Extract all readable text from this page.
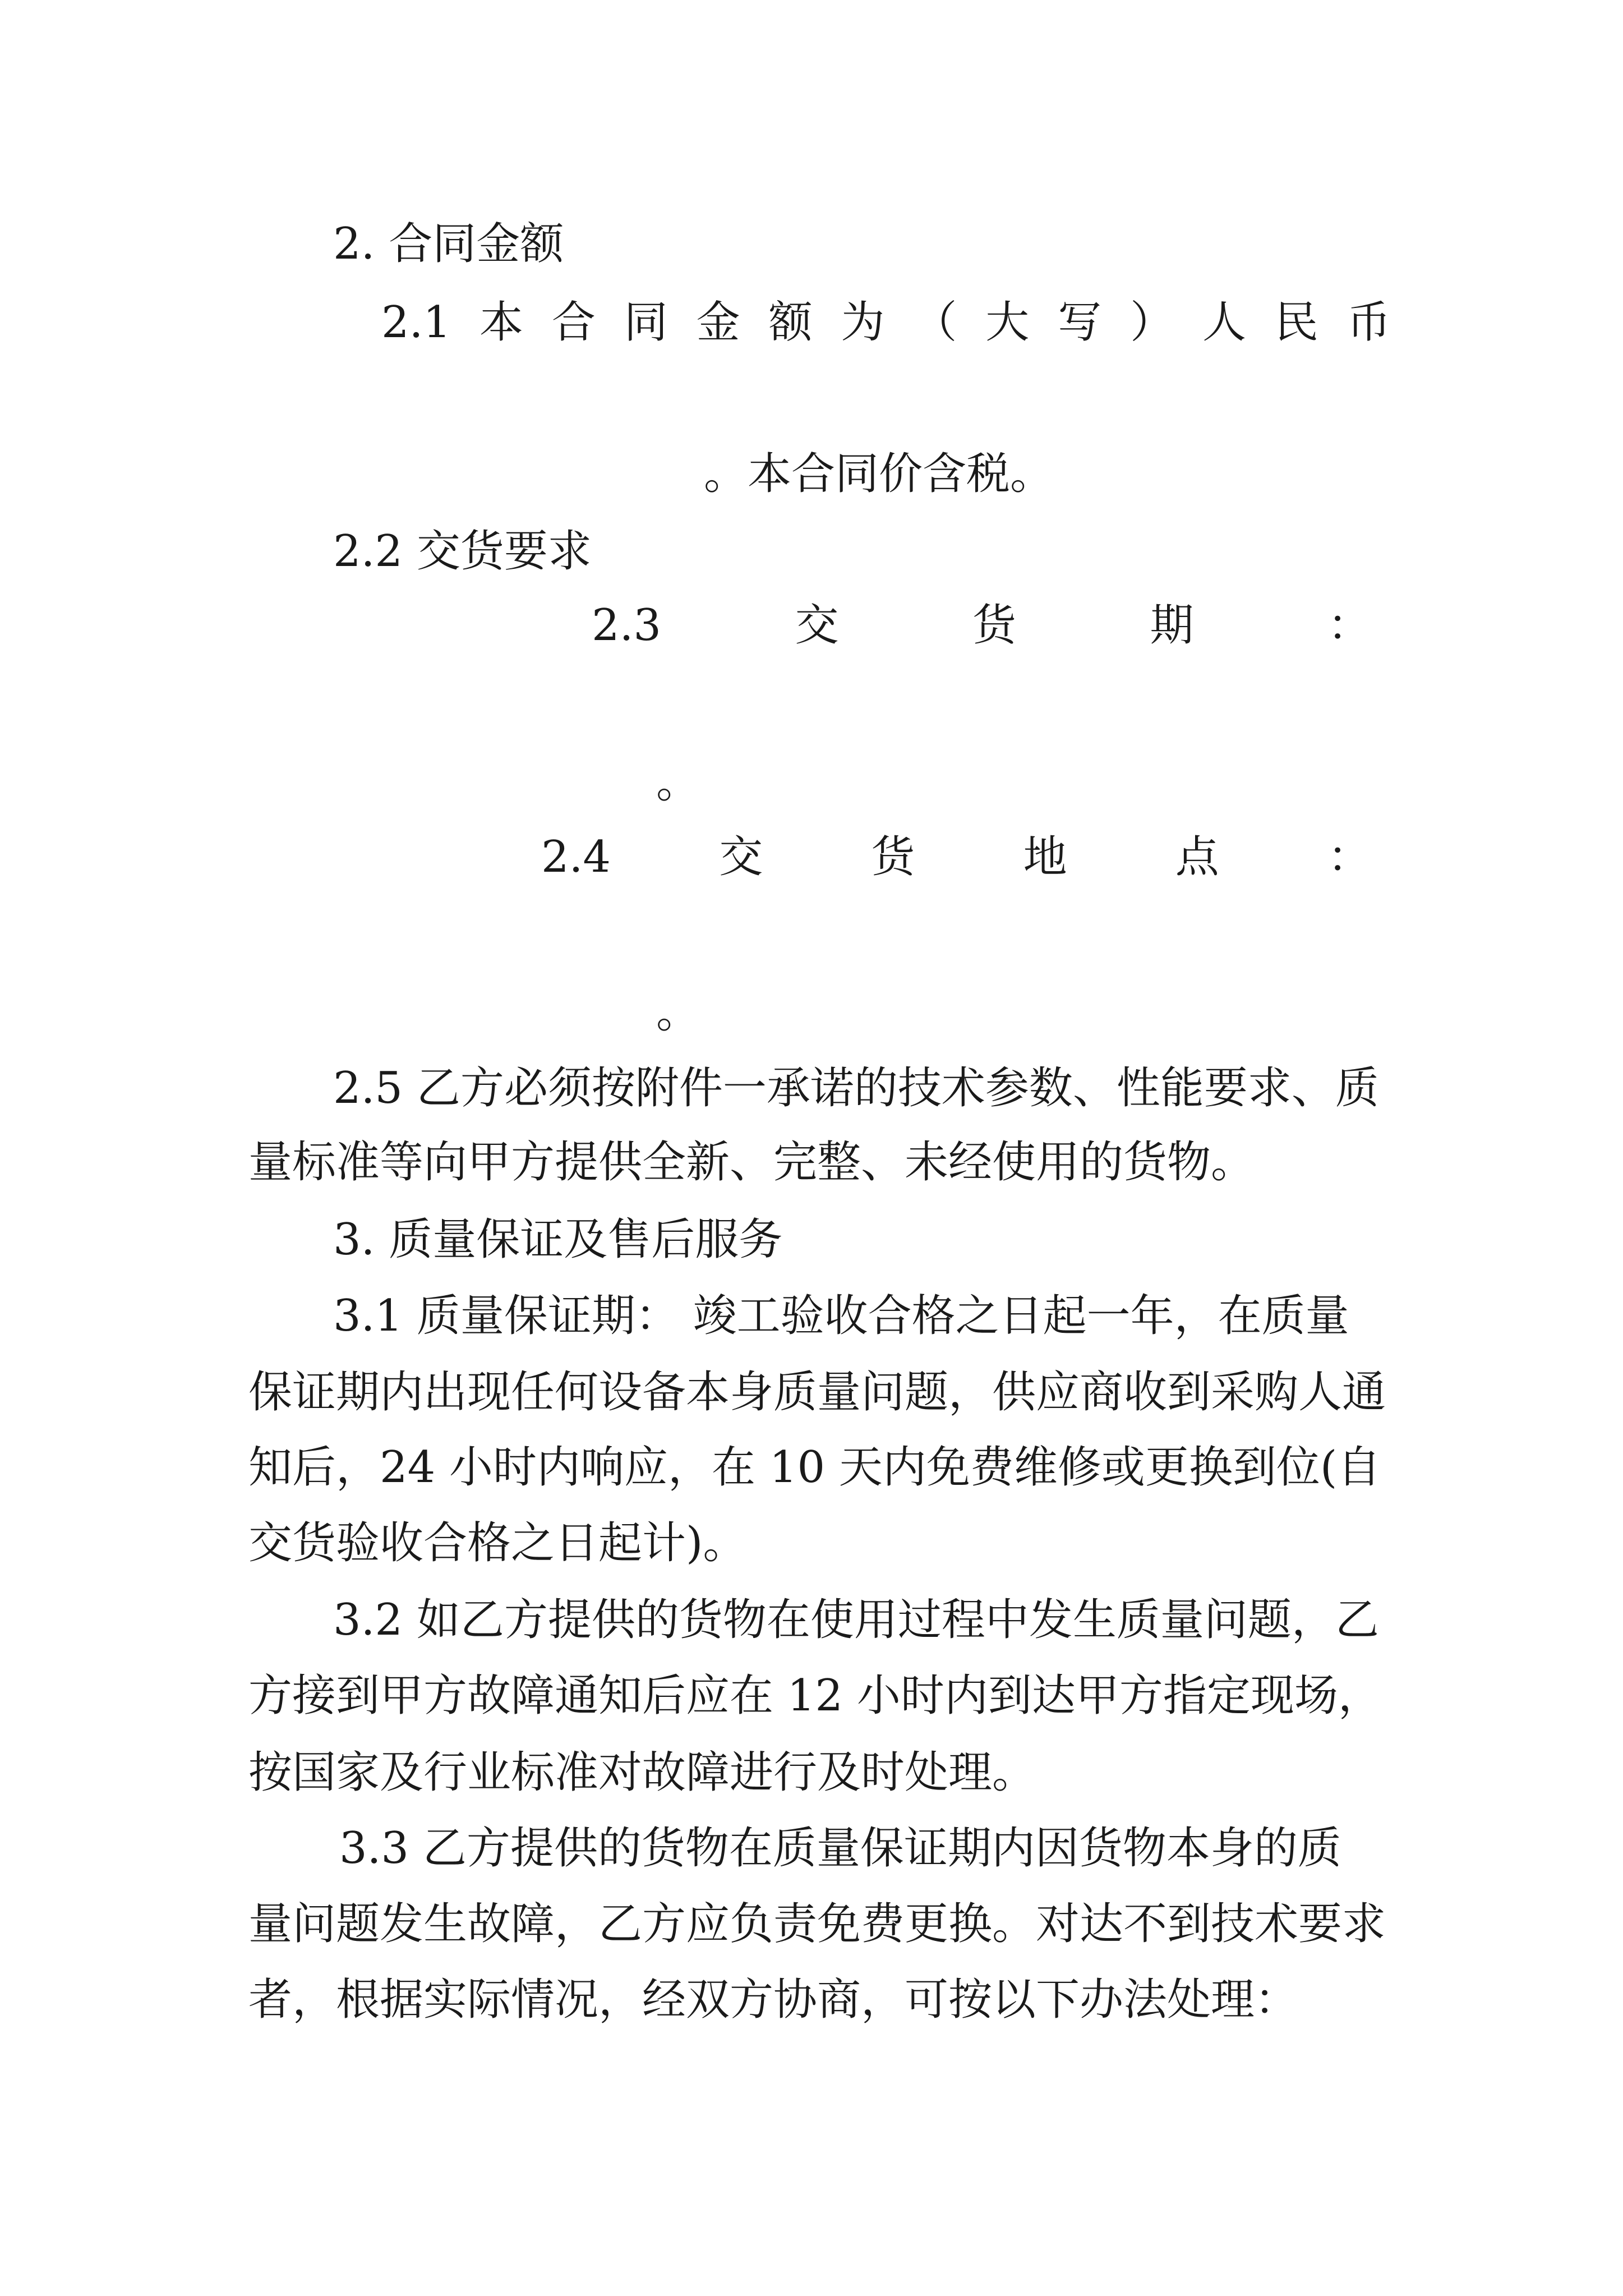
2. 合同金额

2.1 本 合 同 金 额 为 （ 大 写 ） 人 民 币

。本合同价含税。

2.2 交货要求

2.3	交	货	期	：

。

2.4 交 货 地 点 ：

。

2.5 乙方必须按附件一承诺的技术参数、性能要求、质

量标准等向甲方提供全新、完整、未经使用的货物。

3. 质量保证及售后服务

3.1 质量保证期： 竣工验收合格之日起一年，在质量

保证期内出现任何设备本身质量问题，供应商收到采购人通

知后，24 小时内响应，在 10 天内免费维修或更换到位(自

交货验收合格之日起计)。

3.2 如乙方提供的货物在使用过程中发生质量问题，乙

方接到甲方故障通知后应在 12 小时内到达甲方指定现场，

按国家及行业标准对故障进行及时处理。

3.3 乙方提供的货物在质量保证期内因货物本身的质

量问题发生故障，乙方应负责免费更换。对达不到技术要求

者，根据实际情况，经双方协商，可按以下办法处理：
